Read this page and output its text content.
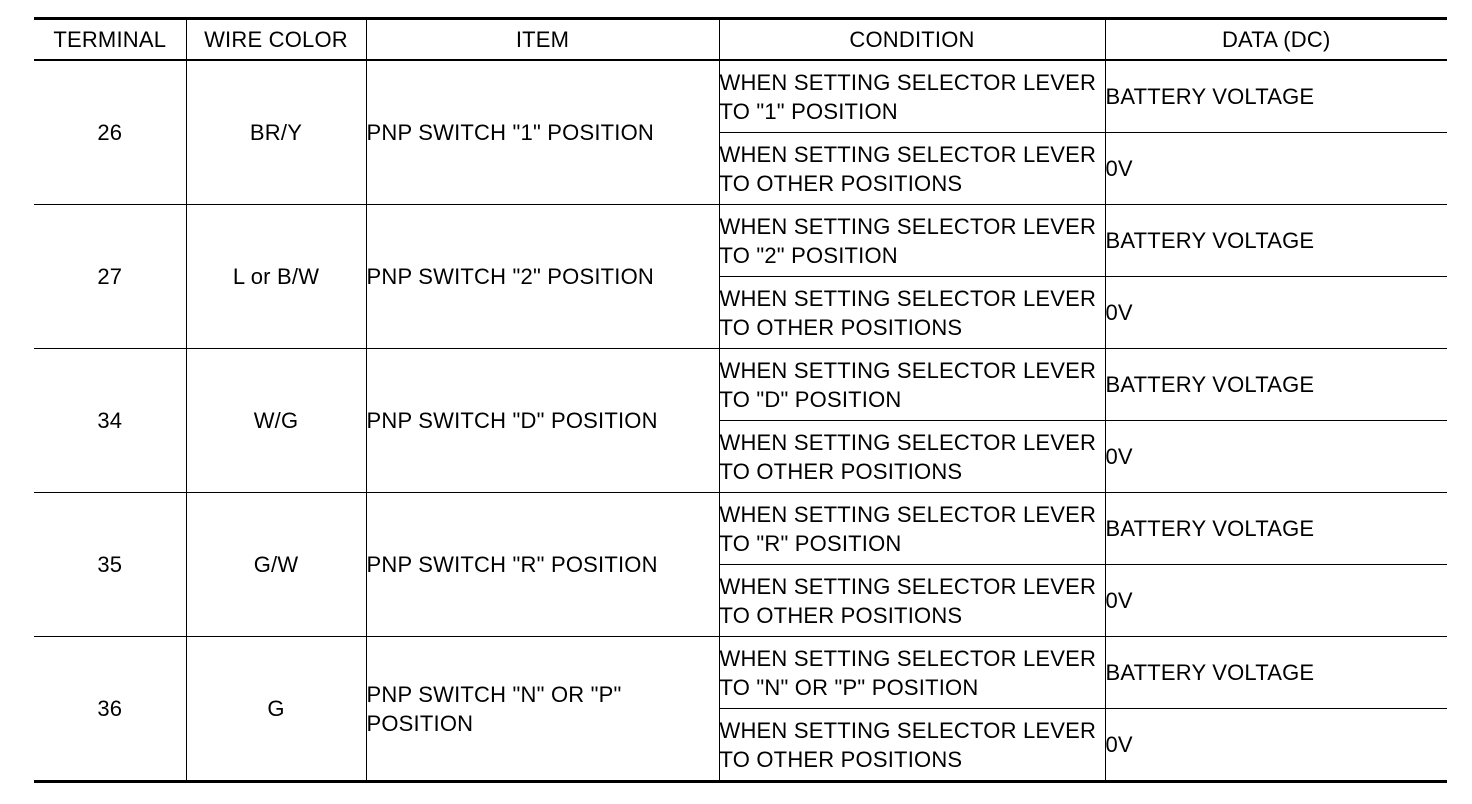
TERMINAL	WIRE COLOR	ITEM	CONDITION	DATA (DC)
26	BR/Y	PNP SWITCH "1" POSITION	WHEN SETTING SELECTOR LEVER TO "1" POSITION	BATTERY VOLTAGE
			WHEN SETTING SELECTOR LEVER TO OTHER POSITIONS	0V
27	L or B/W	PNP SWITCH "2" POSITION	WHEN SETTING SELECTOR LEVER TO "2" POSITION	BATTERY VOLTAGE
			WHEN SETTING SELECTOR LEVER TO OTHER POSITIONS	0V
34	W/G	PNP SWITCH "D" POSITION	WHEN SETTING SELECTOR LEVER TO "D" POSITION	BATTERY VOLTAGE
			WHEN SETTING SELECTOR LEVER TO OTHER POSITIONS	0V
35	G/W	PNP SWITCH "R" POSITION	WHEN SETTING SELECTOR LEVER TO "R" POSITION	BATTERY VOLTAGE
			WHEN SETTING SELECTOR LEVER TO OTHER POSITIONS	0V
36	G	PNP SWITCH "N" OR "P" POSITION	WHEN SETTING SELECTOR LEVER TO "N" OR "P" POSITION	BATTERY VOLTAGE
			WHEN SETTING SELECTOR LEVER TO OTHER POSITIONS	0V
